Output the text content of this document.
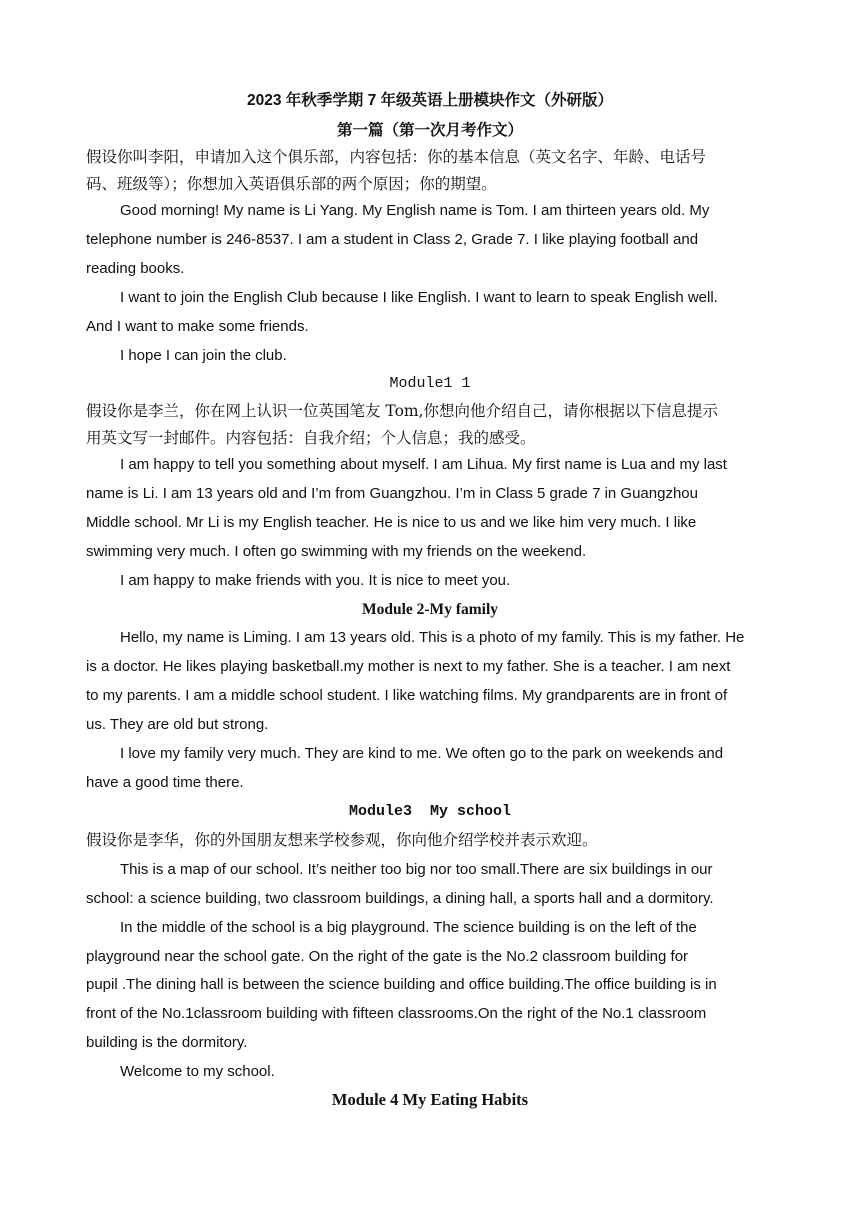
2023 年秋季学期 7 年级英语上册模块作文（外研版）
第一篇（第一次月考作文）
假设你叫李阳，申请加入这个俱乐部，内容包括：你的基本信息（英文名字、年龄、电话号
码、班级等）；你想加入英语俱乐部的两个原因；你的期望。
Good morning! My name is Li Yang. My English name is Tom. I am thirteen years old. My
telephone number is 246-8537. I am a student in Class 2, Grade 7. I like playing football and
reading books.
I want to join the English Club because I like English. I want to learn to speak English well.
And I want to make some friends.
I hope I can join the club.
Module1 1
假设你是李兰，你在网上认识一位英国笔友 Tom,你想向他介绍自己，请你根据以下信息提示
用英文写一封邮件。内容包括：自我介绍；个人信息；我的感受。
I am happy to tell you something about myself. I am Lihua. My first name is Lua and my last
name is Li. I am 13 years old and I’m from Guangzhou. I’m in Class 5 grade 7 in Guangzhou
Middle school. Mr Li is my English teacher. He is nice to us and we like him very much. I like
swimming very much. I often go swimming with my friends on the weekend.
I am happy to make friends with you. It is nice to meet you.
Module 2-My family
Hello, my name is Liming. I am 13 years old. This is a photo of my family. This is my father. He
is a doctor. He likes playing basketball.my mother is next to my father. She is a teacher. I am next
to my parents. I am a middle school student. I like watching films. My grandparents are in front of
us. They are old but strong.
I love my family very much. They are kind to me. We often go to the park on weekends and
have a good time there.
Module3  My school
假设你是李华，你的外国朋友想来学校参观，你向他介绍学校并表示欢迎。
This is a map of our school. It’s neither too big nor too small.There are six buildings in our
school: a science building, two classroom buildings, a dining hall, a sports hall and a dormitory.
In the middle of the school is a big playground. The science building is on the left of the
playground near the school gate. On the right of the gate is the No.2 classroom building for
pupil .The dining hall is between the science building and office building.The office building is in
front of the No.1classroom building with fifteen classrooms.On the right of the No.1 classroom
building is the dormitory.
Welcome to my school.
Module 4 My Eating Habits
